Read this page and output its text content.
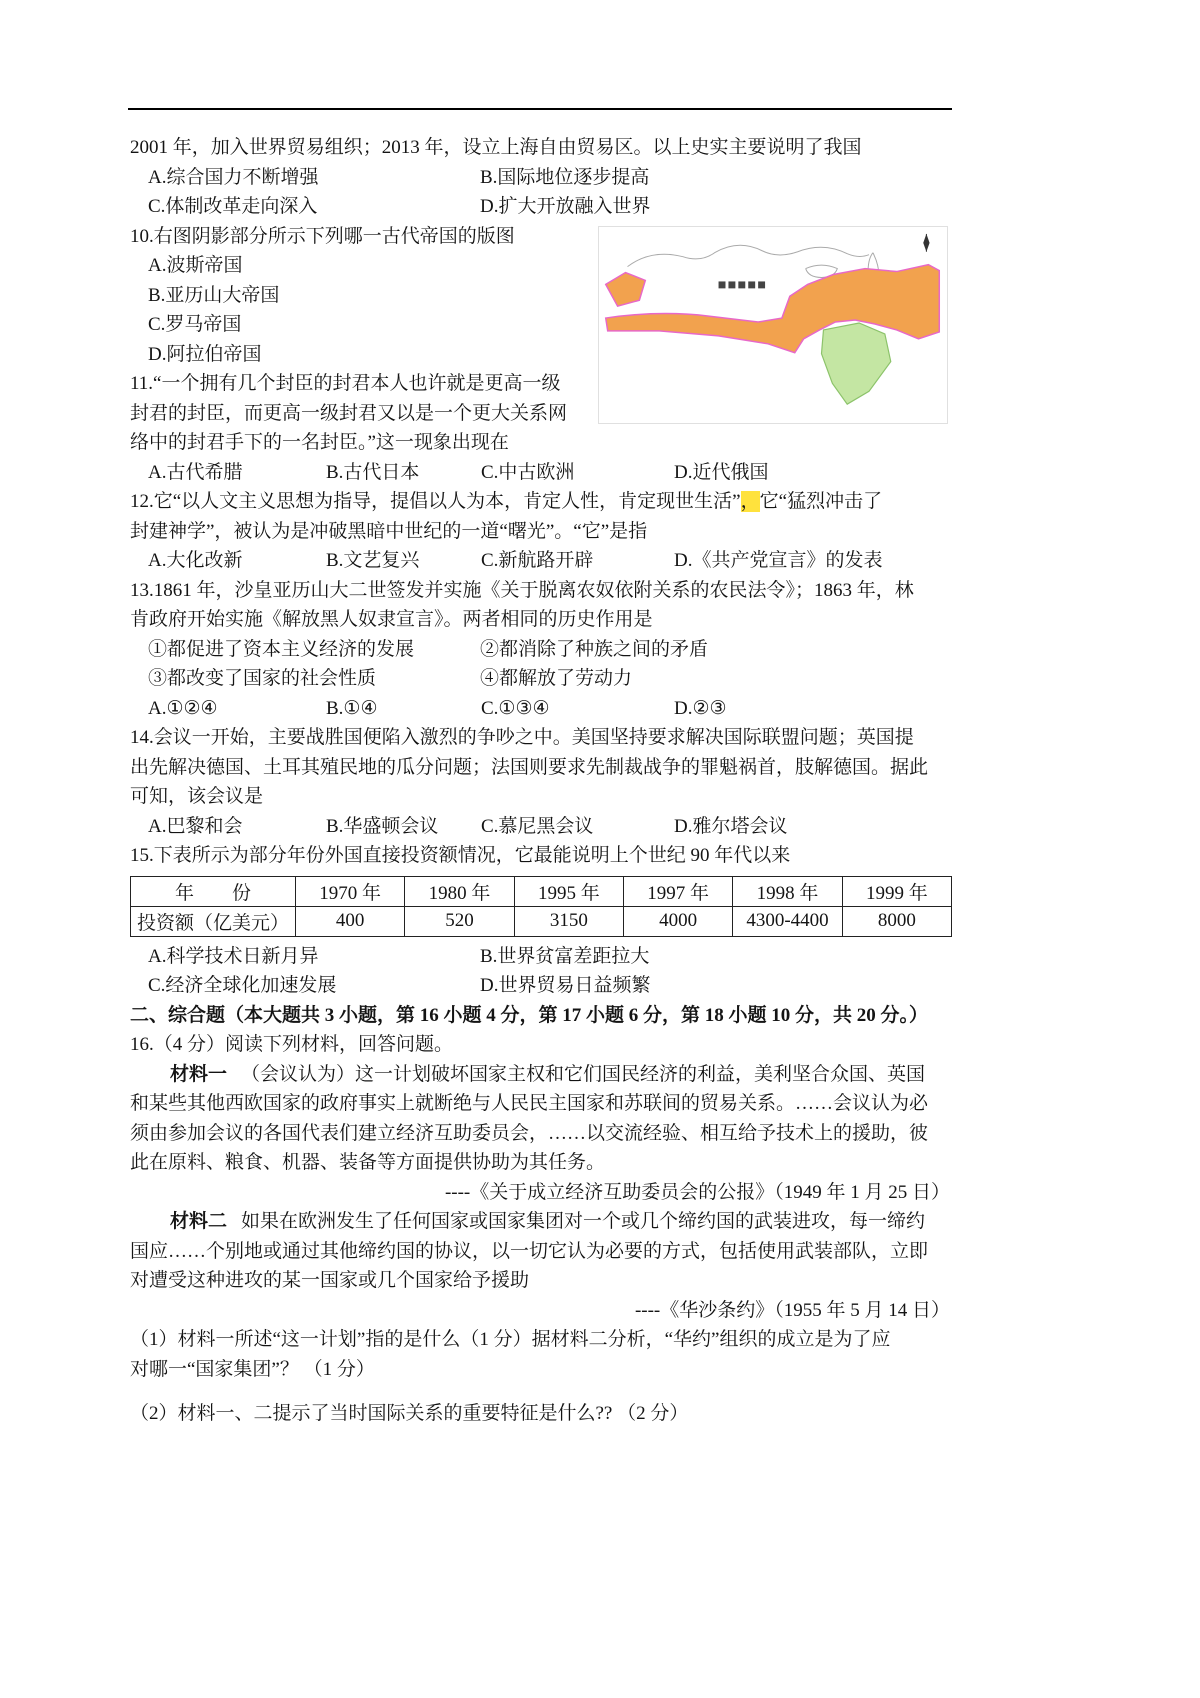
2001 年，加入世界贸易组织；2013 年，设立上海自由贸易区。以上史实主要说明了我国
A.综合国力不断增强	B.国际地位逐步提高
C.体制改革走向深入	D.扩大开放融入世界
10.右图阴影部分所示下列哪一古代帝国的版图
A.波斯帝国
B.亚历山大帝国
C.罗马帝国
D.阿拉伯帝国
11.“一个拥有几个封臣的封君本人也许就是更高一级
封君的封臣，而更高一级封君又以是一个更大关系网
络中的封君手下的一名封臣。”这一现象出现在
A.古代希腊	B.古代日本	C.中古欧洲	D.近代俄国
12.它“以人文主义思想为指导，提倡以人为本，肯定人性，肯定现世生活”，它“猛烈冲击了
封建神学”，被认为是冲破黑暗中世纪的一道“曙光”。“它”是指
A.大化改新	B.文艺复兴	C.新航路开辟	D.《共产党宣言》的发表
13.1861 年，沙皇亚历山大二世签发并实施《关于脱离农奴依附关系的农民法令》；1863 年，林
肯政府开始实施《解放黑人奴隶宣言》。两者相同的历史作用是
①都促进了资本主义经济的发展	②都消除了种族之间的矛盾
③都改变了国家的社会性质	④都解放了劳动力
A.①②④	B.①④	C.①③④	D.②③
14.会议一开始，主要战胜国便陷入激烈的争吵之中。美国坚持要求解决国际联盟问题；英国提
出先解决德国、土耳其殖民地的瓜分问题；法国则要求先制裁战争的罪魁祸首，肢解德国。据此
可知，该会议是
A.巴黎和会	B.华盛顿会议 C.慕尼黑会议	D.雅尔塔会议
15.下表所示为部分年份外国直接投资额情况，它最能说明上个世纪 90 年代以来
年　　份	1970 年	1980 年	1995 年	1997 年	1998 年	1999 年
投资额（亿美元）	400	520	3150	4000	4300-4400	8000
A.科学技术日新月异	B.世界贫富差距拉大
C.经济全球化加速发展	D.世界贸易日益频繁
二、综合题（本大题共 3 小题，第 16 小题 4 分，第 17 小题 6 分，第 18 小题 10 分，共 20 分。）
16.（4 分）阅读下列材料，回答问题。
材料一 （会议认为）这一计划破坏国家主权和它们国民经济的利益，美利坚合众国、英国
和某些其他西欧国家的政府事实上就断绝与人民民主国家和苏联间的贸易关系。……会议认为必
须由参加会议的各国代表们建立经济互助委员会，……以交流经验、相互给予技术上的援助，彼
此在原料、粮食、机器、装备等方面提供协助为其任务。
----《关于成立经济互助委员会的公报》（1949 年 1 月 25 日）
材料二 如果在欧洲发生了任何国家或国家集团对一个或几个缔约国的武装进攻，每一缔约
国应……个别地或通过其他缔约国的协议，以一切它认为必要的方式，包括使用武装部队，立即
对遭受这种进攻的某一国家或几个国家给予援助
----《华沙条约》（1955 年 5 月 14 日）
（1）材料一所述“这一计划”指的是什么（1 分）据材料二分析，“华约”组织的成立是为了应
对哪一“国家集团”？ （1 分）
（2）材料一、二提示了当时国际关系的重要特征是什么?? （2 分）
